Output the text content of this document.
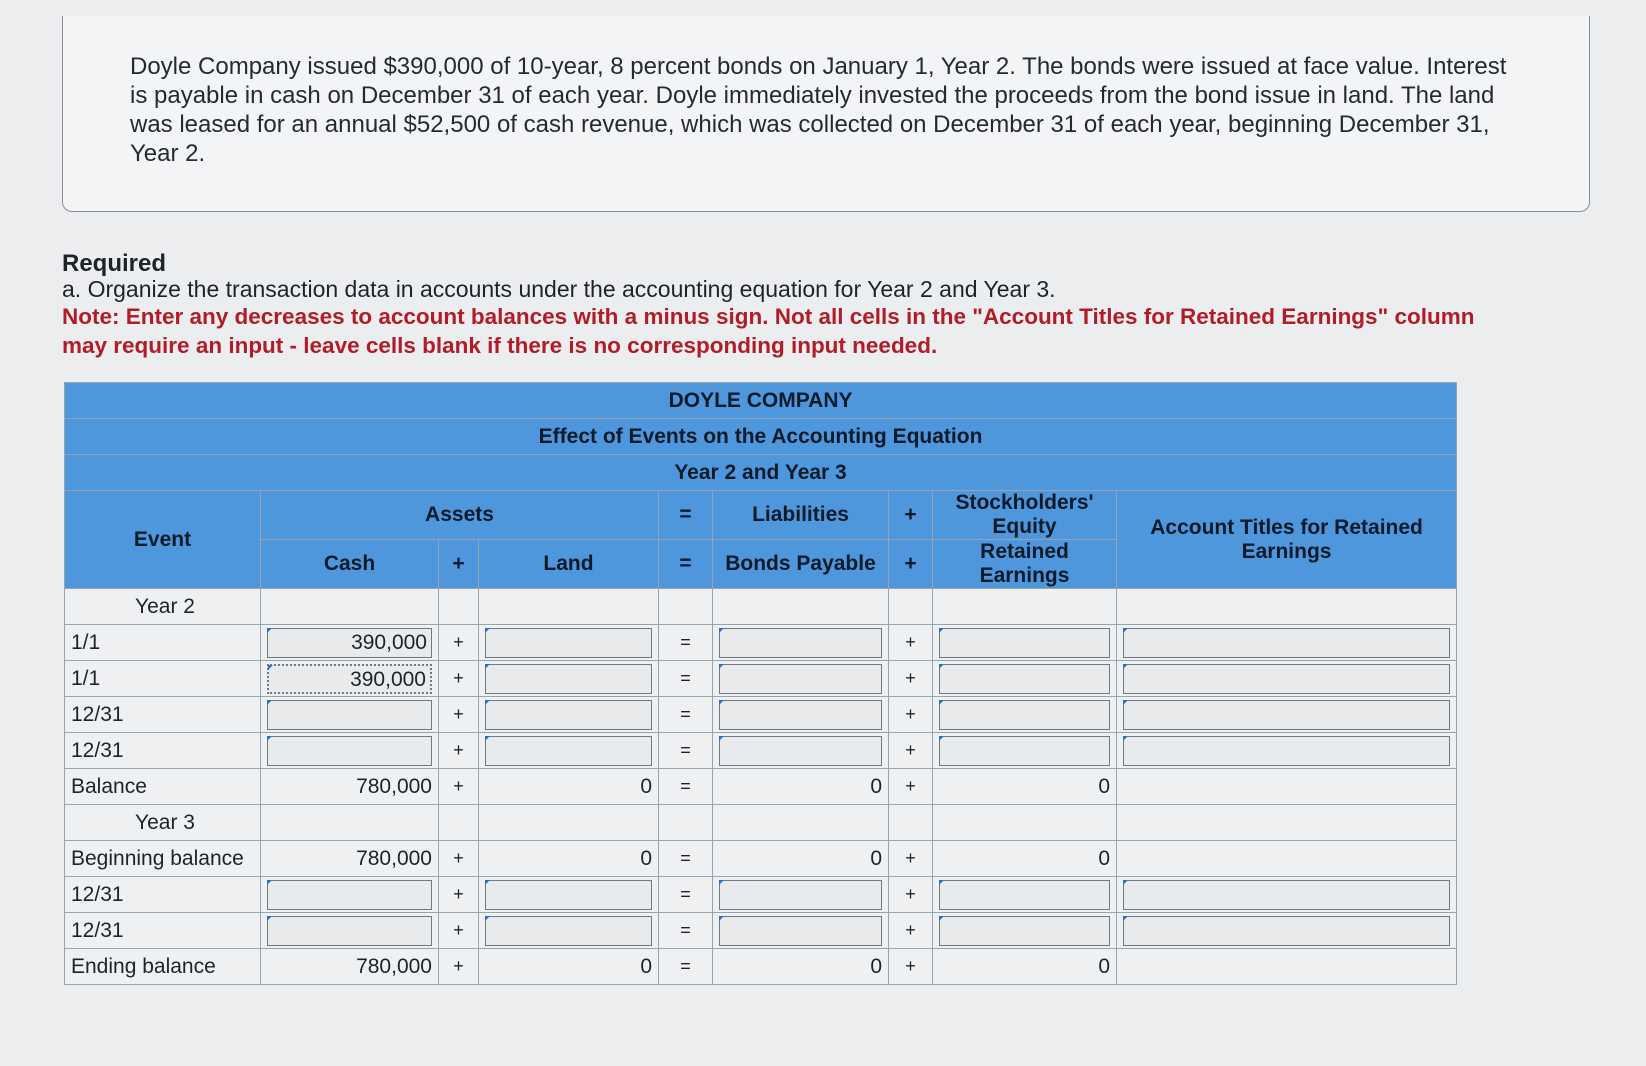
Doyle Company issued $390,000 of 10-year, 8 percent bonds on January 1, Year 2. The bonds were issued at face value. Interest is payable in cash on December 31 of each year. Doyle immediately invested the proceeds from the bond issue in land. The land was leased for an annual $52,500 of cash revenue, which was collected on December 31 of each year, beginning December 31, Year 2.
Required
a. Organize the transaction data in accounts under the accounting equation for Year 2 and Year 3.
Note: Enter any decreases to account balances with a minus sign. Not all cells in the "Account Titles for Retained Earnings" column may require an input - leave cells blank if there is no corresponding input needed.
DOYLE COMPANY								
Effect of Events on the Accounting Equation								
Year 2 and Year 3								
Event	Assets			=	Liabilities	+	Stockholders' Equity	Account Titles for Retained Earnings
	Cash	+	Land	=	Bonds Payable	+	Retained Earnings	
Year 2								
1/1	390,000	+		=		+	

1/1	390,000	+		=		+	

12/31		+		=		+	

12/31		+		=		+	

Balance	780,000	+	0	=	0	+	0	
Year 3								
Beginning balance	780,000	+	0	=	0	+	0	
12/31		+		=		+	

12/31		+		=		+	

Ending balance	780,000	+	0	=	0	+	0	
